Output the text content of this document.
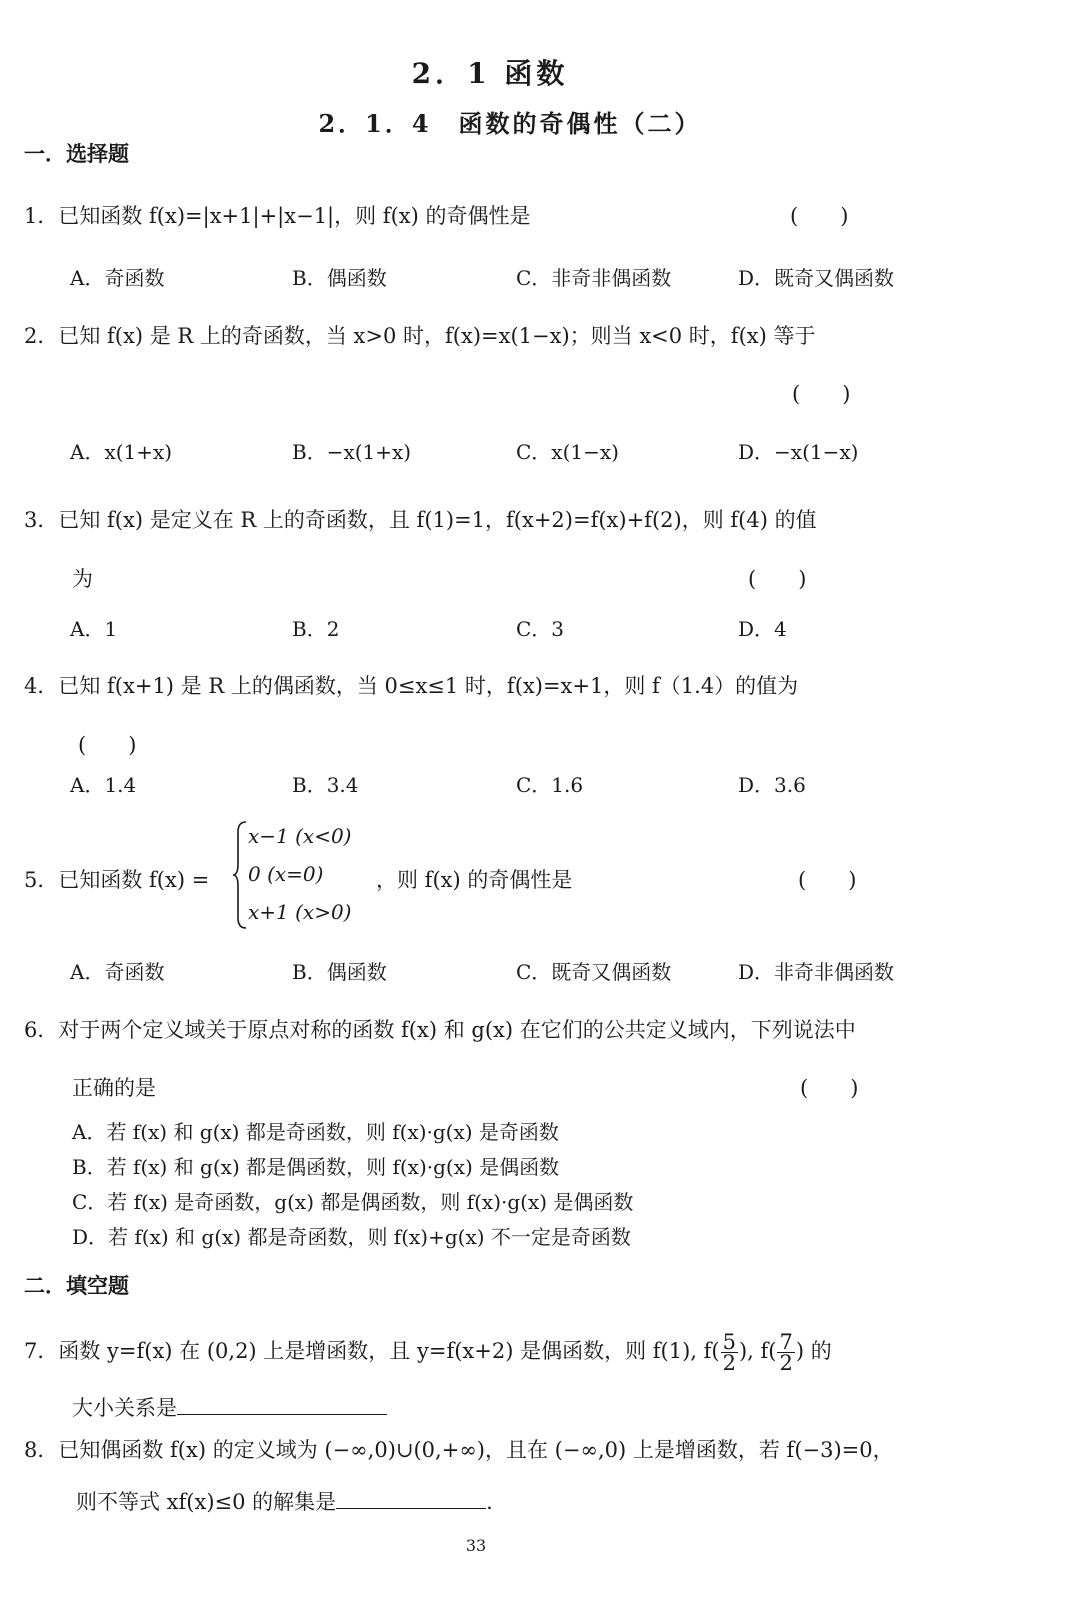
2．1 函数
2．1．4　函数的奇偶性（二）
一．选择题
1．已知函数 f(x)=|x+1|+|x−1|，则 f(x) 的奇偶性是	(　　)
A．奇函数	B．偶函数	C．非奇非偶函数	D．既奇又偶函数
2．已知 f(x) 是 R 上的奇函数，当 x>0 时，f(x)=x(1−x)；则当 x<0 时，f(x) 等于
(　　)
A．x(1+x)	B．−x(1+x)	C．x(1−x)	D．−x(1−x)
3．已知 f(x) 是定义在 R 上的奇函数，且 f(1)=1，f(x+2)=f(x)+f(2)，则 f(4) 的值
为	(　　)
A．1	B．2	C．3	D．4
4．已知 f(x+1) 是 R 上的偶函数，当 0≤x≤1 时，f(x)=x+1，则 f（1.4）的值为
(　　)
A．1.4	B．3.4	C．1.6	D．3.6
5．已知函数 f(x) =
x−1 (x<0)
0 (x=0)
x+1 (x>0)
，则 f(x) 的奇偶性是	(　　)
A．奇函数	B．偶函数	C．既奇又偶函数	D．非奇非偶函数
6．对于两个定义域关于原点对称的函数 f(x) 和 g(x) 在它们的公共定义域内，下列说法中
正确的是	(　　)
A．若 f(x) 和 g(x) 都是奇函数，则 f(x)·g(x) 是奇函数
B．若 f(x) 和 g(x) 都是偶函数，则 f(x)·g(x) 是偶函数
C．若 f(x) 是奇函数，g(x) 都是偶函数，则 f(x)·g(x) 是偶函数
D．若 f(x) 和 g(x) 都是奇函数，则 f(x)+g(x) 不一定是奇函数
二．填空题
7．函数 y=f(x) 在 (0,2) 上是增函数，且 y=f(x+2) 是偶函数，则 f(1), $f( \frac{5}{2}$ ), $f( \frac{7}{2}$ ) 的
大小关系是
8．已知偶函数 f(x) 的定义域为 (−∞,0)∪(0,+∞)，且在 (−∞,0) 上是增函数，若 f(−3)=0，
则不等式 xf(x)≤0 的解集是	.
33
